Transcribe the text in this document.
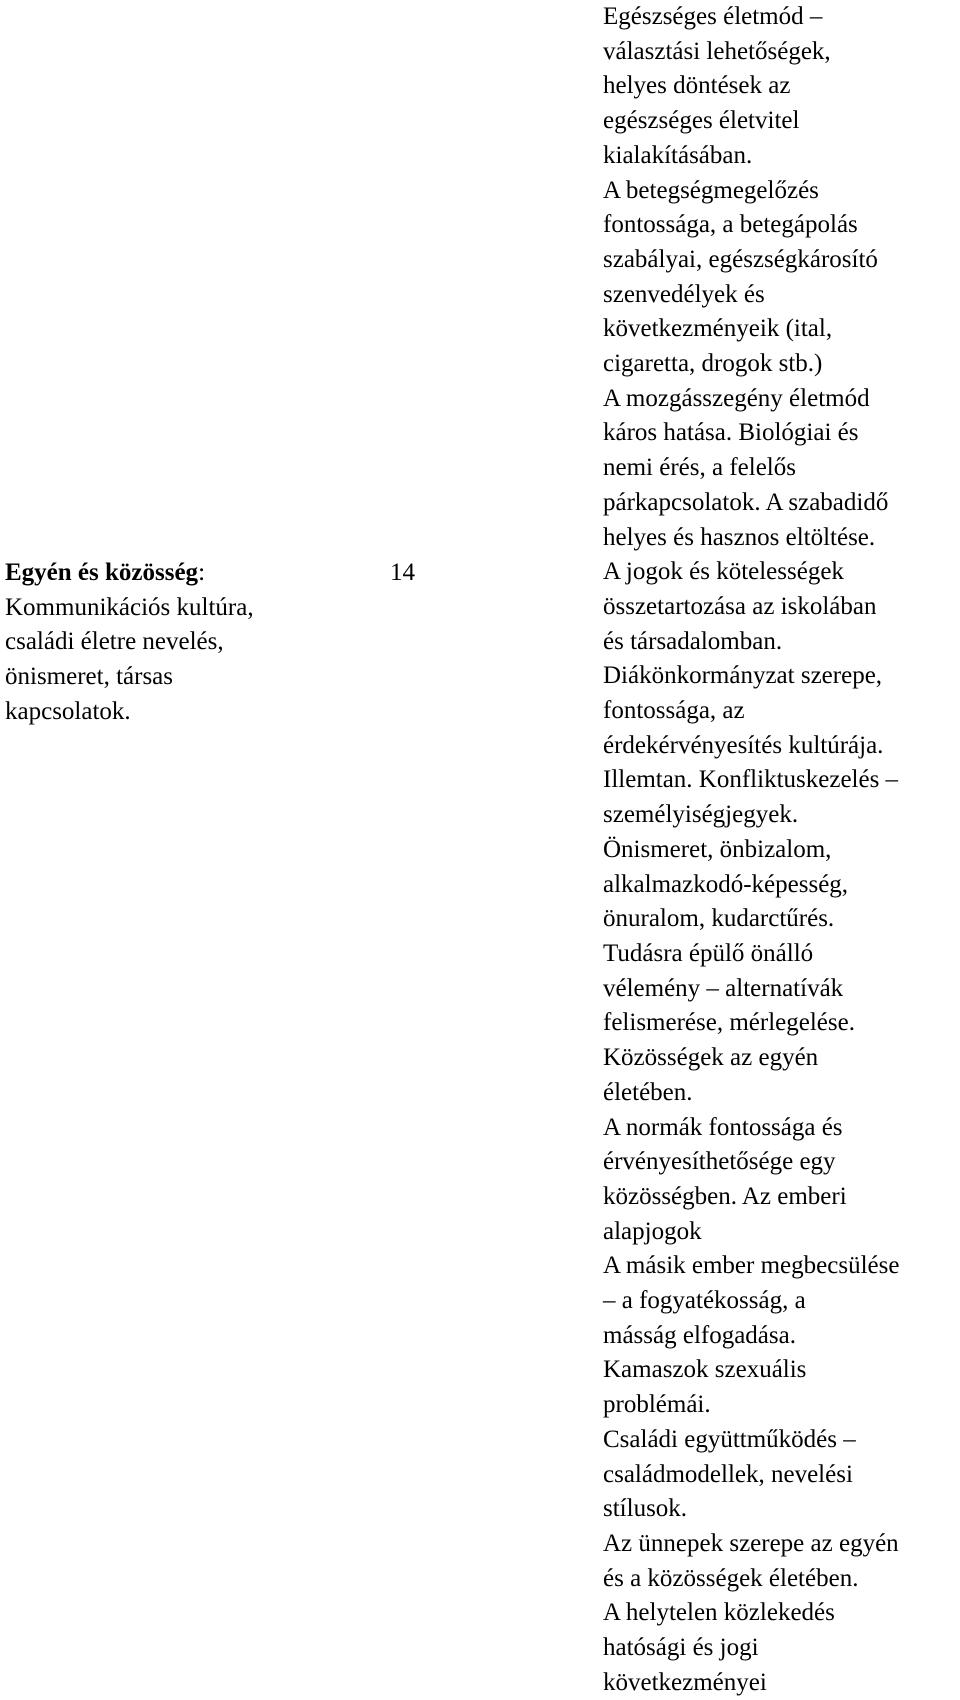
Egyén és közösség:
Kommunikációs kultúra,
családi életre nevelés,
önismeret, társas
kapcsolatok.
14
Egészséges életmód –
választási lehetőségek,
helyes döntések az
egészséges életvitel
kialakításában.
A betegségmegelőzés
fontossága, a betegápolás
szabályai, egészségkárosító
szenvedélyek és
következményeik (ital,
cigaretta, drogok stb.)
A mozgásszegény életmód
káros hatása. Biológiai és
nemi érés, a felelős
párkapcsolatok. A szabadidő
helyes és hasznos eltöltése.
A jogok és kötelességek
összetartozása az iskolában
és társadalomban.
Diákönkormányzat szerepe,
fontossága, az
érdekérvényesítés kultúrája.
Illemtan. Konfliktuskezelés –
személyiségjegyek.
Önismeret, önbizalom,
alkalmazkodó-képesség,
önuralom, kudarctűrés.
Tudásra épülő önálló
vélemény – alternatívák
felismerése, mérlegelése.
Közösségek az egyén
életében.
A normák fontossága és
érvényesíthetősége egy
közösségben. Az emberi
alapjogok
A másik ember megbecsülése
– a fogyatékosság, a
másság elfogadása.
Kamaszok szexuális
problémái.
Családi együttműködés –
családmodellek, nevelési
stílusok.
Az ünnepek szerepe az egyén
és a közösségek életében.
A helytelen közlekedés
hatósági és jogi
következményei
